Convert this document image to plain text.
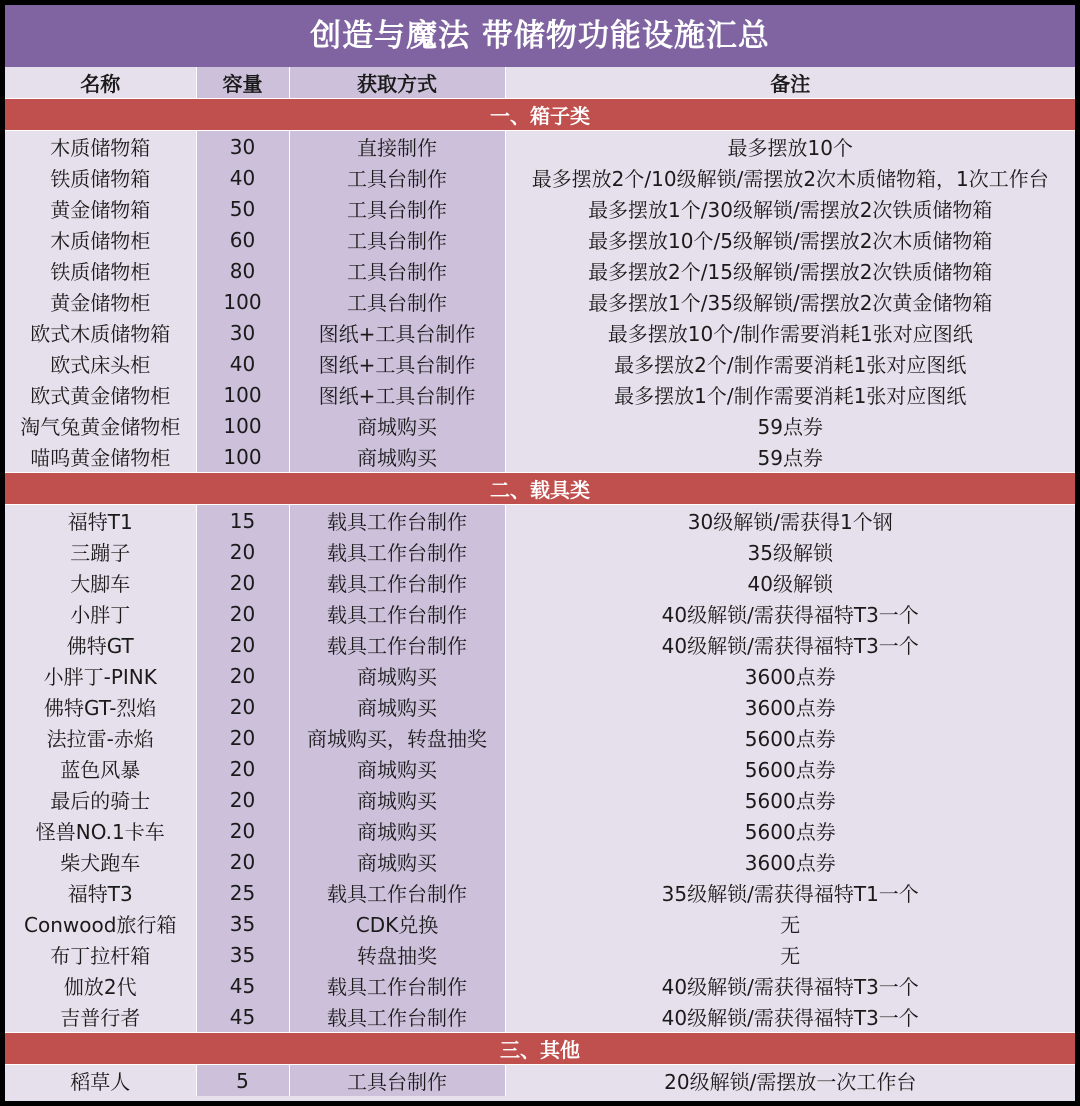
创造与魔法 带储物功能设施汇总
名称	容量	获取方式	备注
一、箱子类			
木质储物箱	30	直接制作	最多摆放10个
铁质储物箱	40	工具台制作	最多摆放2个/10级解锁/需摆放2次木质储物箱，1次工作台
黄金储物箱	50	工具台制作	最多摆放1个/30级解锁/需摆放2次铁质储物箱
木质储物柜	60	工具台制作	最多摆放10个/5级解锁/需摆放2次木质储物箱
铁质储物柜	80	工具台制作	最多摆放2个/15级解锁/需摆放2次铁质储物箱
黄金储物柜	100	工具台制作	最多摆放1个/35级解锁/需摆放2次黄金储物箱
欧式木质储物箱	30	图纸+工具台制作	最多摆放10个/制作需要消耗1张对应图纸
欧式床头柜	40	图纸+工具台制作	最多摆放2个/制作需要消耗1张对应图纸
欧式黄金储物柜	100	图纸+工具台制作	最多摆放1个/制作需要消耗1张对应图纸
淘气兔黄金储物柜	100	商城购买	59点券
喵呜黄金储物柜	100	商城购买	59点券
二、载具类			
福特T1	15	载具工作台制作	30级解锁/需获得1个钢
三蹦子	20	载具工作台制作	35级解锁
大脚车	20	载具工作台制作	40级解锁
小胖丁	20	载具工作台制作	40级解锁/需获得福特T3一个
佛特GT	20	载具工作台制作	40级解锁/需获得福特T3一个
小胖丁-PINK	20	商城购买	3600点券
佛特GT-烈焰	20	商城购买	3600点券
法拉雷-赤焰	20	商城购买，转盘抽奖	5600点券
蓝色风暴	20	商城购买	5600点券
最后的骑士	20	商城购买	5600点券
怪兽NO.1卡车	20	商城购买	5600点券
柴犬跑车	20	商城购买	3600点券
福特T3	25	载具工作台制作	35级解锁/需获得福特T1一个
Conwood旅行箱	35	CDK兑换	无
布丁拉杆箱	35	转盘抽奖	无
伽放2代	45	载具工作台制作	40级解锁/需获得福特T3一个
吉普行者	45	载具工作台制作	40级解锁/需获得福特T3一个
三、其他			
稻草人	5	工具台制作	20级解锁/需摆放一次工作台
